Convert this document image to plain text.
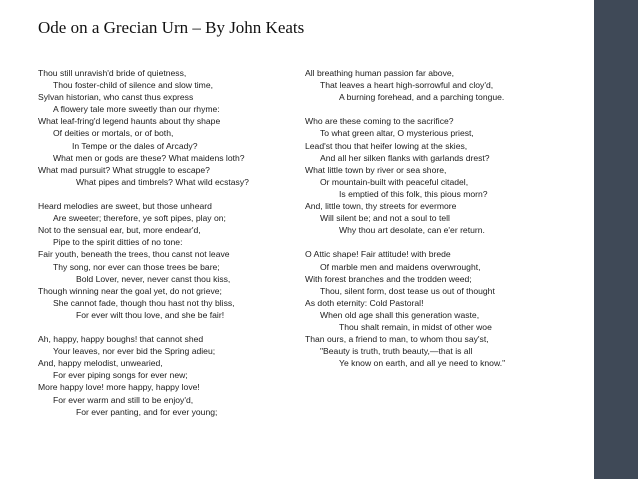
Ode on a Grecian Urn – By John Keats
Thou still unravish'd bride of quietness,
Thou foster-child of silence and slow time,
Sylvan historian, who canst thus express
A flowery tale more sweetly than our rhyme:
What leaf-fring'd legend haunts about thy shape
Of deities or mortals, or of both,
In Tempe or the dales of Arcady?
What men or gods are these? What maidens loth?
What mad pursuit? What struggle to escape?
What pipes and timbrels? What wild ecstasy?
Heard melodies are sweet, but those unheard
Are sweeter; therefore, ye soft pipes, play on;
Not to the sensual ear, but, more endear'd,
Pipe to the spirit ditties of no tone:
Fair youth, beneath the trees, thou canst not leave
Thy song, nor ever can those trees be bare;
Bold Lover, never, never canst thou kiss,
Though winning near the goal yet, do not grieve;
She cannot fade, though thou hast not thy bliss,
For ever wilt thou love, and she be fair!
Ah, happy, happy boughs! that cannot shed
Your leaves, nor ever bid the Spring adieu;
And, happy melodist, unwearied,
For ever piping songs for ever new;
More happy love! more happy, happy love!
For ever warm and still to be enjoy'd,
For ever panting, and for ever young;
All breathing human passion far above,
That leaves a heart high-sorrowful and cloy'd,
A burning forehead, and a parching tongue.
Who are these coming to the sacrifice?
To what green altar, O mysterious priest,
Lead'st thou that heifer lowing at the skies,
And all her silken flanks with garlands drest?
What little town by river or sea shore,
Or mountain-built with peaceful citadel,
Is emptied of this folk, this pious morn?
And, little town, thy streets for evermore
Will silent be; and not a soul to tell
Why thou art desolate, can e'er return.
O Attic shape! Fair attitude! with brede
Of marble men and maidens overwrought,
With forest branches and the trodden weed;
Thou, silent form, dost tease us out of thought
As doth eternity: Cold Pastoral!
When old age shall this generation waste,
Thou shalt remain, in midst of other woe
Than ours, a friend to man, to whom thou say'st,
"Beauty is truth, truth beauty,—that is all
Ye know on earth, and all ye need to know."
